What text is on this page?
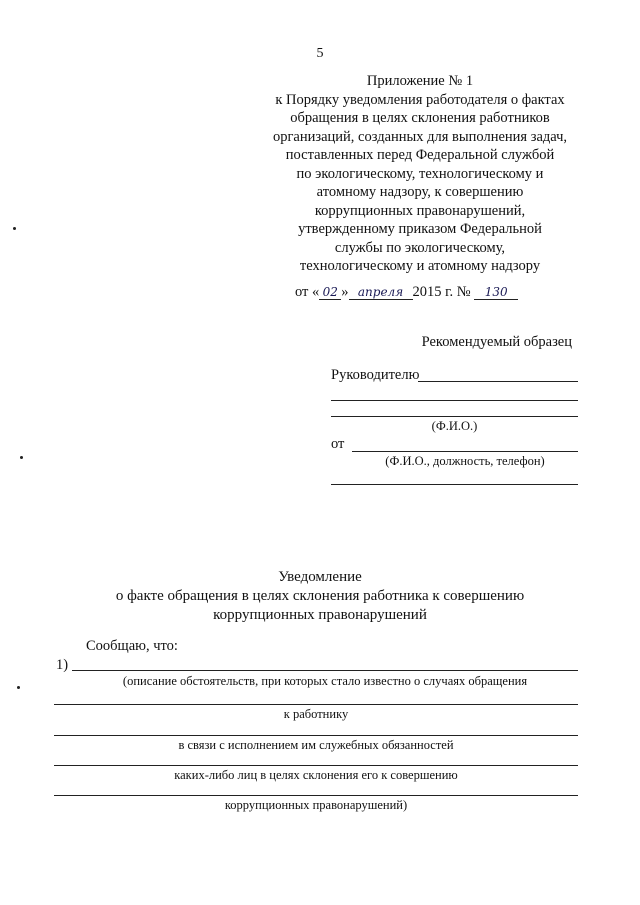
5
Приложение № 1
к Порядку уведомления работодателя о фактах
обращения в целях склонения работников
организаций, созданных для выполнения задач,
поставленных перед Федеральной службой
по экологическому, технологическому и
атомному надзору, к совершению
коррупционных правонарушений,
утвержденному приказом Федеральной
службы по экологическому,
технологическому и атомному надзору
от « 02 » апреля 2015 г. № 130
Рекомендуемый образец
Руководителю
(Ф.И.О.)
от
(Ф.И.О., должность, телефон)
Уведомление
о факте обращения в целях склонения работника к совершению
коррупционных правонарушений
Сообщаю, что:
1)
(описание обстоятельств, при которых стало известно о случаях обращения
к работнику
в связи с исполнением им служебных обязанностей
каких-либо лиц в целях склонения его к совершению
коррупционных правонарушений)
